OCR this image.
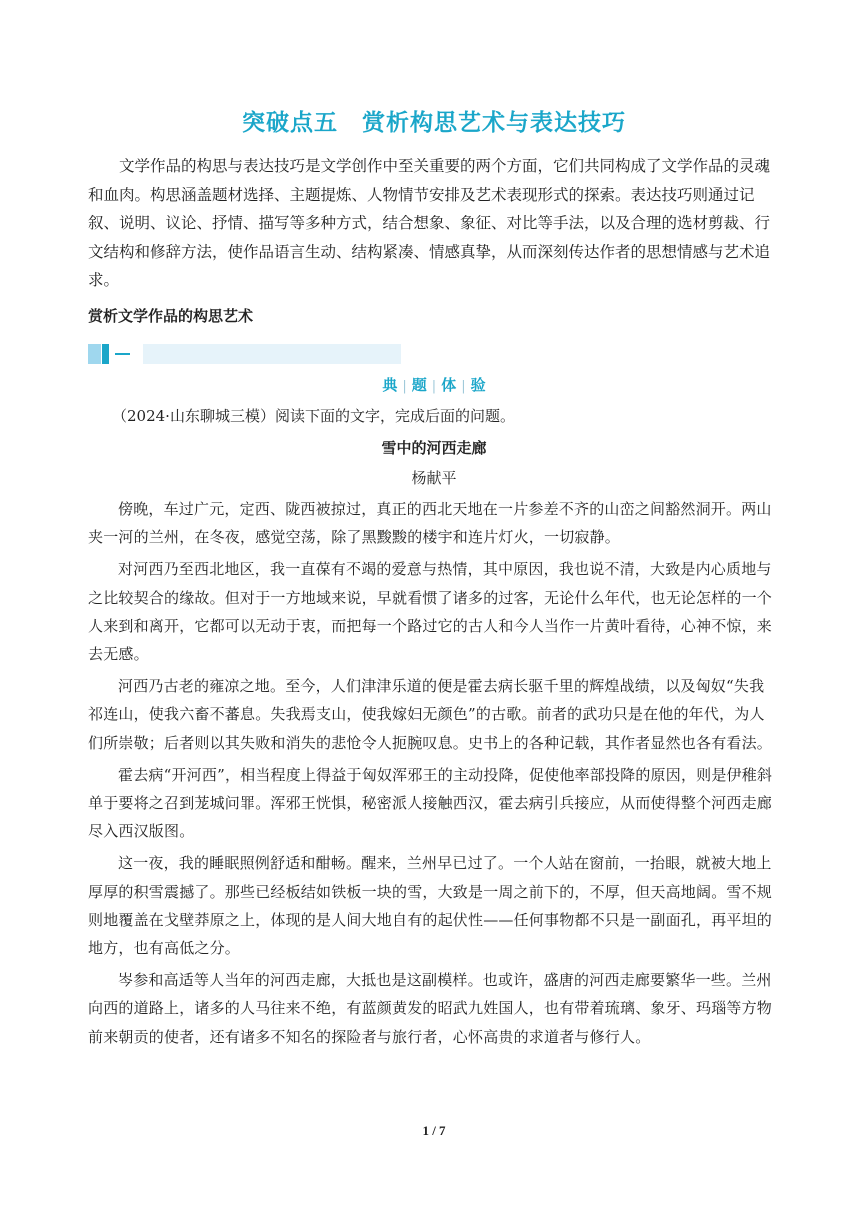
突破点五　赏析构思艺术与表达技巧
文学作品的构思与表达技巧是文学创作中至关重要的两个方面，它们共同构成了文学作品的灵魂和血肉。构思涵盖题材选择、主题提炼、人物情节安排及艺术表现形式的探索。表达技巧则通过记叙、说明、议论、抒情、描写等多种方式，结合想象、象征、对比等手法，以及合理的选材剪裁、行文结构和修辞方法，使作品语言生动、结构紧凑、情感真挚，从而深刻传达作者的思想情感与艺术追求。
赏析文学作品的构思艺术
典 | 题 | 体 | 验
（2024·山东聊城三模）阅读下面的文字，完成后面的问题。
雪中的河西走廊
杨献平

傍晚，车过广元，定西、陇西被掠过，真正的西北天地在一片参差不齐的山峦之间豁然洞开。两山夹一河的兰州，在冬夜，感觉空荡，除了黑黢黢的楼宇和连片灯火，一切寂静。

对河西乃至西北地区，我一直葆有不竭的爱意与热情，其中原因，我也说不清，大致是内心质地与之比较契合的缘故。但对于一方地域来说，早就看惯了诸多的过客，无论什么年代，也无论怎样的一个人来到和离开，它都可以无动于衷，而把每一个路过它的古人和今人当作一片黄叶看待，心神不惊，来去无感。

河西乃古老的雍凉之地。至今，人们津津乐道的便是霍去病长驱千里的辉煌战绩，以及匈奴“失我祁连山，使我六畜不蕃息。失我焉支山，使我嫁妇无颜色”的古歌。前者的武功只是在他的年代，为人们所崇敬；后者则以其失败和消失的悲怆令人扼腕叹息。史书上的各种记载，其作者显然也各有看法。

霍去病“开河西”，相当程度上得益于匈奴浑邪王的主动投降，促使他率部投降的原因，则是伊稚斜单于要将之召到茏城问罪。浑邪王恍惧，秘密派人接触西汉，霍去病引兵接应，从而使得整个河西走廊尽入西汉版图。

这一夜，我的睡眠照例舒适和酣畅。醒来，兰州早已过了。一个人站在窗前，一抬眼，就被大地上厚厚的积雪震撼了。那些已经板结如铁板一块的雪，大致是一周之前下的，不厚，但天高地阔。雪不规则地覆盖在戈壁莽原之上，体现的是人间大地自有的起伏性——任何事物都不只是一副面孔，再平坦的地方，也有高低之分。

岑参和高适等人当年的河西走廊，大抵也是这副模样。也或许，盛唐的河西走廊要繁华一些。兰州向西的道路上，诸多的人马往来不绝，有蓝颜黄发的昭武九姓国人，也有带着琉璃、象牙、玛瑙等方物前来朝贡的使者，还有诸多不知名的探险者与旅行者，心怀高贵的求道者与修行人。

1 / 7
